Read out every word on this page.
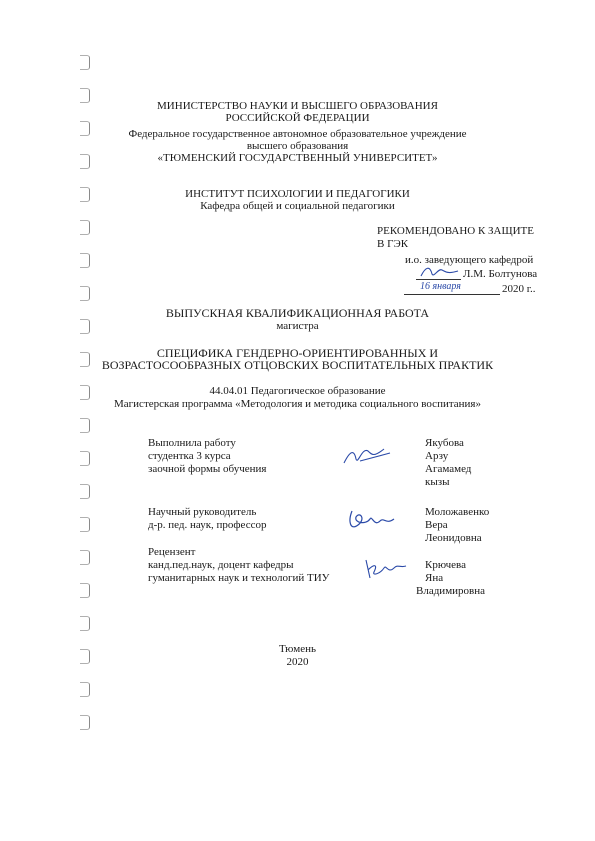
МИНИСТЕРСТВО НАУКИ И ВЫСШЕГО ОБРАЗОВАНИЯ
РОССИЙСКОЙ ФЕДЕРАЦИИ
Федеральное государственное автономное образовательное учреждение
высшего образования
«ТЮМЕНСКИЙ ГОСУДАРСТВЕННЫЙ УНИВЕРСИТЕТ»
ИНСТИТУТ ПСИХОЛОГИИ И ПЕДАГОГИКИ
Кафедра общей и социальной педагогики
РЕКОМЕНДОВАНО К ЗАЩИТЕ
В ГЭК
и.о. заведующего кафедрой
Л.М. Болтунова
16 января	2020 г..
ВЫПУСКНАЯ КВАЛИФИКАЦИОННАЯ РАБОТА
магистра
СПЕЦИФИКА ГЕНДЕРНО-ОРИЕНТИРОВАННЫХ И
ВОЗРАСТОСООБРАЗНЫХ ОТЦОВСКИХ ВОСПИТАТЕЛЬНЫХ ПРАКТИК
44.04.01 Педагогическое образование
Магистерская программа «Методология и методика социального воспитания»
Выполнила работу
студентка 3 курса
заочной формы обучения
Якубова
Арзу
Агамамед
кызы
Научный руководитель
д-р. пед. наук, профессор
Моложавенко
Вера
Леонидовна
Рецензент
канд.пед.наук, доцент кафедры
гуманитарных наук и технологий ТИУ
Крючева
Яна
Владимировна
Тюмень
2020
